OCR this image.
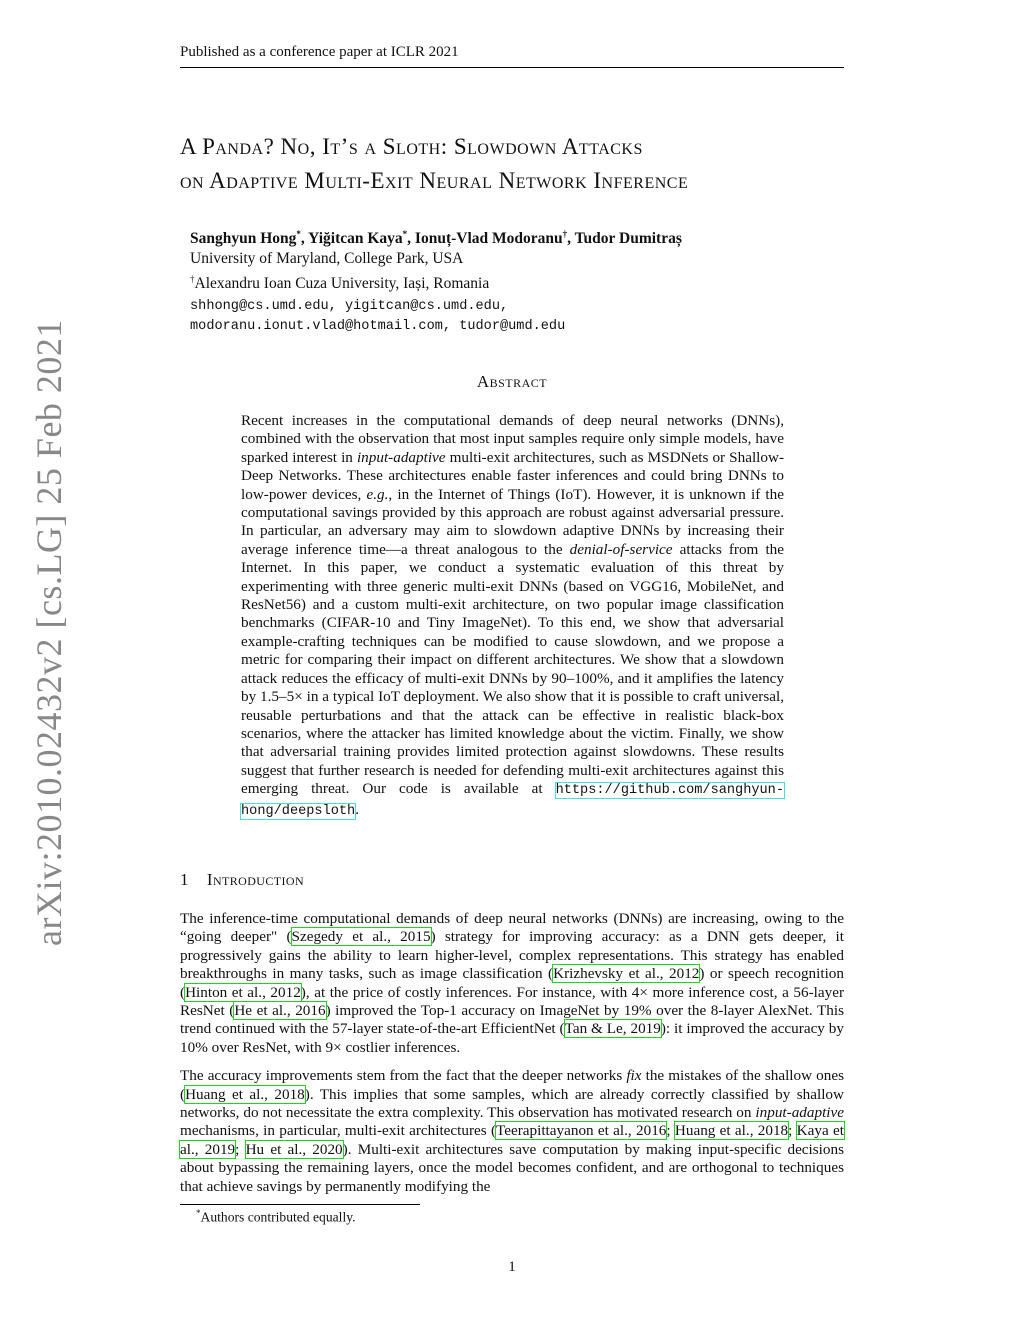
Published as a conference paper at ICLR 2021
arXiv:2010.02432v2 [cs.LG] 25 Feb 2021
A Panda? No, It’s a Sloth: Slowdown Attacks
on Adaptive Multi-Exit Neural Network Inference
Sanghyun Hong*, Yiğitcan Kaya*, Ionuț-Vlad Modoranu†, Tudor Dumitraș
University of Maryland, College Park, USA
†Alexandru Ioan Cuza University, Iași, Romania
shhong@cs.umd.edu, yigitcan@cs.umd.edu,
modoranu.ionut.vlad@hotmail.com, tudor@umd.edu
Abstract
Recent increases in the computational demands of deep neural networks (DNNs), combined with the observation that most input samples require only simple models, have sparked interest in input-adaptive multi-exit architectures, such as MSDNets or Shallow-Deep Networks. These architectures enable faster inferences and could bring DNNs to low-power devices, e.g., in the Internet of Things (IoT). However, it is unknown if the computational savings provided by this approach are robust against adversarial pressure. In particular, an adversary may aim to slowdown adaptive DNNs by increasing their average inference time—a threat analogous to the denial-of-service attacks from the Internet. In this paper, we conduct a systematic evaluation of this threat by experimenting with three generic multi-exit DNNs (based on VGG16, MobileNet, and ResNet56) and a custom multi-exit architecture, on two popular image classification benchmarks (CIFAR-10 and Tiny ImageNet). To this end, we show that adversarial example-crafting techniques can be modified to cause slowdown, and we propose a metric for comparing their impact on different architectures. We show that a slowdown attack reduces the efficacy of multi-exit DNNs by 90–100%, and it amplifies the latency by 1.5–5× in a typical IoT deployment. We also show that it is possible to craft universal, reusable perturbations and that the attack can be effective in realistic black-box scenarios, where the attacker has limited knowledge about the victim. Finally, we show that adversarial training provides limited protection against slowdowns. These results suggest that further research is needed for defending multi-exit architectures against this emerging threat. Our code is available at https://github.com/sanghyun-hong/deepsloth.
1 Introduction

The inference-time computational demands of deep neural networks (DNNs) are increasing, owing to the “going deeper" (Szegedy et al., 2015) strategy for improving accuracy: as a DNN gets deeper, it progressively gains the ability to learn higher-level, complex representations. This strategy has enabled breakthroughs in many tasks, such as image classification (Krizhevsky et al., 2012) or speech recognition (Hinton et al., 2012), at the price of costly inferences. For instance, with 4× more inference cost, a 56-layer ResNet (He et al., 2016) improved the Top-1 accuracy on ImageNet by 19% over the 8-layer AlexNet. This trend continued with the 57-layer state-of-the-art EfficientNet (Tan & Le, 2019): it improved the accuracy by 10% over ResNet, with 9× costlier inferences.

The accuracy improvements stem from the fact that the deeper networks fix the mistakes of the shallow ones (Huang et al., 2018). This implies that some samples, which are already correctly classified by shallow networks, do not necessitate the extra complexity. This observation has motivated research on input-adaptive mechanisms, in particular, multi-exit architectures (Teerapittayanon et al., 2016; Huang et al., 2018; Kaya et al., 2019; Hu et al., 2020). Multi-exit architectures save computation by making input-specific decisions about bypassing the remaining layers, once the model becomes confident, and are orthogonal to techniques that achieve savings by permanently modifying the

*Authors contributed equally.
1
